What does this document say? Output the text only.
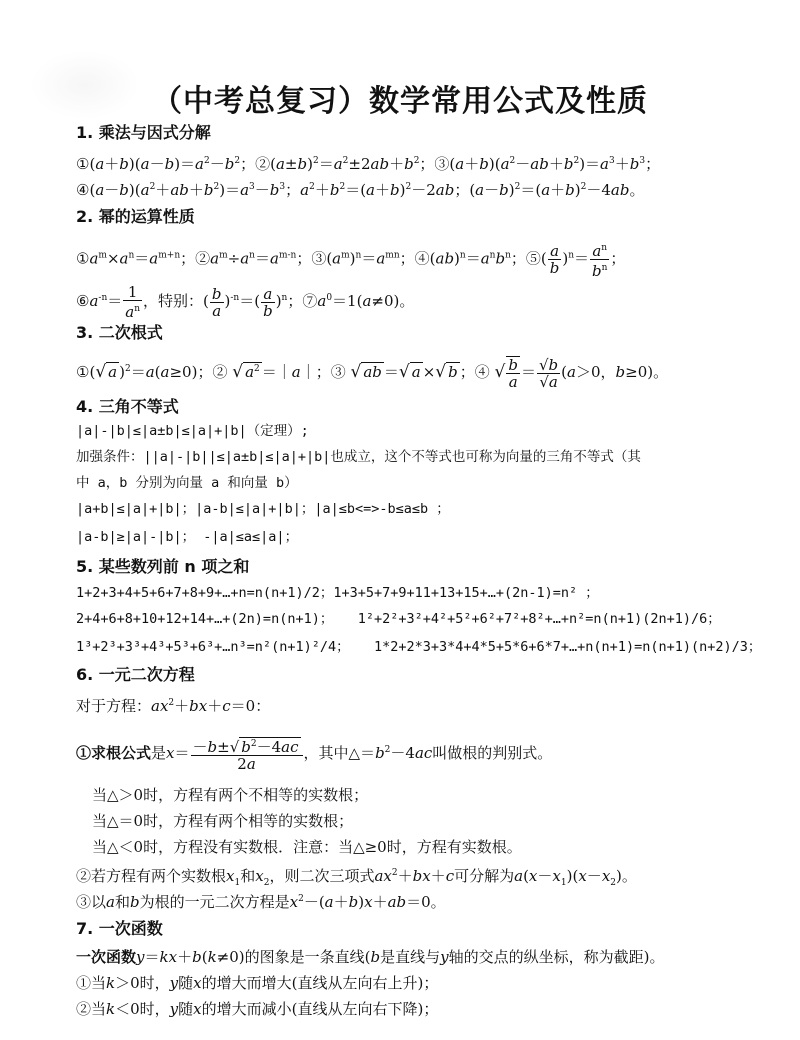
（中考总复习）数学常用公式及性质
1. 乘法与因式分解
$①(a+b)(a-b)=a^2-b^2$；$②(a\pm b)^2=a^2\pm 2ab+b^2$；$③(a+b)(a^2-ab+b^2)=a^3+b^3$；
$④(a-b)(a^2+ab+b^2)=a^3-b^3$；$a^2+b^2=(a+b)^2-2ab$；$(a-b)^2=(a+b)^2-4ab$。
2. 幂的运算性质
$①a^m\times a^n=a^{m+n}$；$②a^m\div a^n=a^{m-n}$；$③(a^m)^n=a^{mn}$；$④(ab)^n=a^nb^n$；⑤( $\frac{a}{b} )^n= \frac{a^n}{b^n}$ ；
$⑥a^{-n}= \frac{1}{a^n}$ ，特别：( $\frac{b}{a} )^{-n}=( \frac{a}{b} )^n$；$⑦a^0=1(a\ne 0)$。
3. 二次根式
①(√ a )$^2$＝a(a≥0)；② √ $a^2$ ＝｜a｜；③ √ ab ＝√ a ×√ b ；④ √ $\frac{b}{a} = \frac{√b}{√a} (a>0$，b≥0)。
4. 三角不等式
|a|-|b|≤|a±b|≤|a|+|b|（定理）;
加强条件：||a|-|b||≤|a±b|≤|a|+|b|也成立，这个不等式也可称为向量的三角不等式（其
中 a，b 分别为向量 a 和向量 b）
|a+b|≤|a|+|b|；|a-b|≤|a|+|b|；|a|≤b<=>-b≤a≤b ；
|a-b|≥|a|-|b|； -|a|≤a≤|a|；
5. 某些数列前 n 项之和
1+2+3+4+5+6+7+8+9+…+n=n(n+1)/2；1+3+5+7+9+11+13+15+…+(2n-1)=n² ；
2+4+6+8+10+12+14+…+(2n)=n(n+1)； 1²+2²+3²+4²+5²+6²+7²+8²+…+n²=n(n+1)(2n+1)/6；
1³+2³+3³+4³+5³+6³+…n³=n²(n+1)²/4； 1*2+2*3+3*4+4*5+5*6+6*7+…+n(n+1)=n(n+1)(n+2)/3；
6. 一元二次方程
对于方程：$ax^2+bx+c=0$：
①求根公式是$x= \frac{-b\pm√ b^2-4ac}{2a}$ ，其中$\triangle=b^2-4ac$叫做根的判别式。
当△＞0时，方程有两个不相等的实数根；
当△＝0时，方程有两个相等的实数根；
当△＜0时，方程没有实数根．注意：当△≥0时，方程有实数根。
②若方程有两个实数根$x_1$和$x_2$，则二次三项式$ax^2+bx+c$可分解为$a(x-x_1)(x-x_2)$。
③以a和b为根的一元二次方程是$x^2-(a+b)x+ab=0$。
7. 一次函数
一次函数y＝kx＋b(k≠0)的图象是一条直线(b是直线与y轴的交点的纵坐标，称为截距)。
①当k＞0时，y随x的增大而增大(直线从左向右上升)；
②当k＜0时，y随x的增大而减小(直线从左向右下降)；
